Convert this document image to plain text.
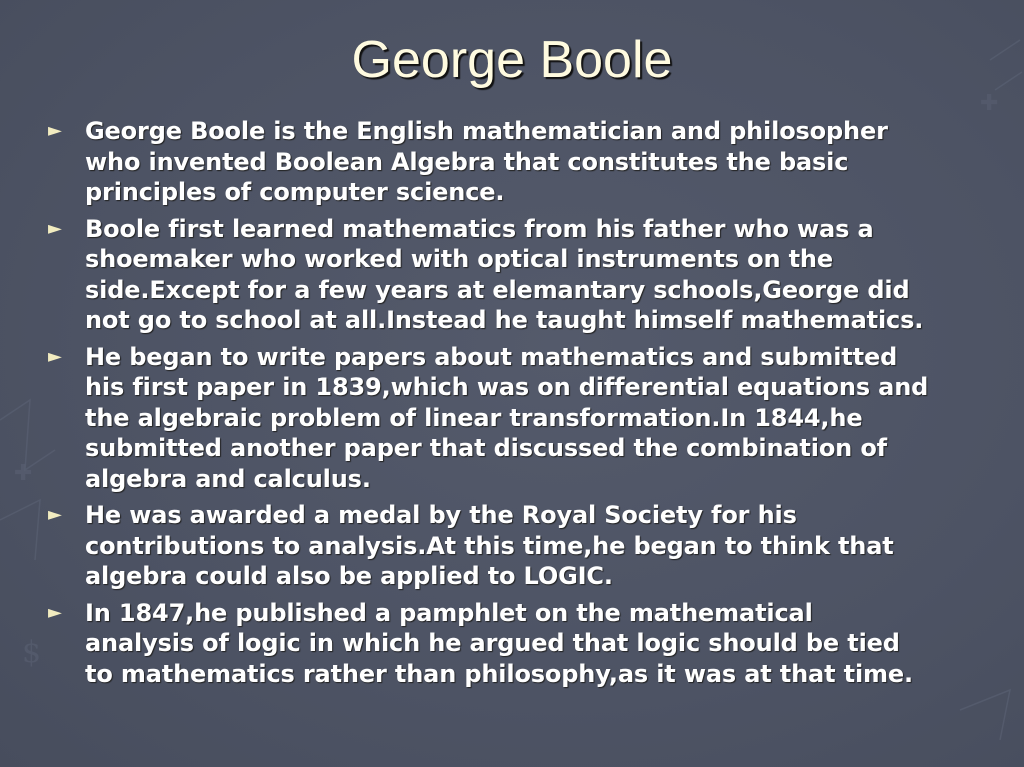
✚
$
✚
George Boole
► George Boole is the English mathematician and philosopher
who invented Boolean Algebra that constitutes the basic
principles of computer science.
► Boole first learned mathematics from his father who was a
shoemaker who worked with optical instruments on the
side.Except for a few years at elemantary schools,George did
not go to school at all.Instead he taught himself mathematics.
► He began to write papers about mathematics and submitted
his first paper in 1839,which was on differential equations and
the algebraic problem of linear transformation.In 1844,he
submitted another paper that discussed the combination of
algebra and calculus.
► He was awarded a medal by the Royal Society for his
contributions to analysis.At this time,he began to think that
algebra could also be applied to LOGIC.
► In 1847,he published a pamphlet on the mathematical
analysis of logic in which he argued that logic should be tied
to mathematics rather than philosophy,as it was at that time.
